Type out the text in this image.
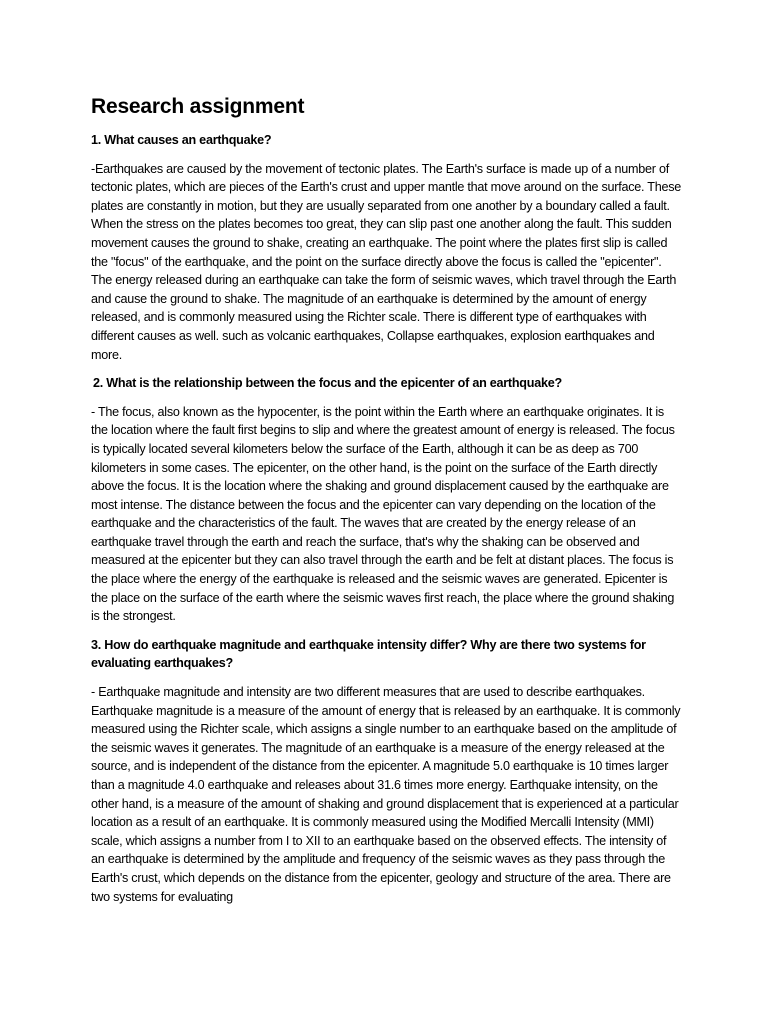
Research assignment

1. What causes an earthquake?

-Earthquakes are caused by the movement of tectonic plates. The Earth's surface is made up of a number of tectonic plates, which are pieces of the Earth's crust and upper mantle that move around on the surface. These plates are constantly in motion, but they are usually separated from one another by a boundary called a fault. When the stress on the plates becomes too great, they can slip past one another along the fault. This sudden movement causes the ground to shake, creating an earthquake. The point where the plates first slip is called the "focus" of the earthquake, and the point on the surface directly above the focus is called the "epicenter". The energy released during an earthquake can take the form of seismic waves, which travel through the Earth and cause the ground to shake. The magnitude of an earthquake is determined by the amount of energy released, and is commonly measured using the Richter scale. There is different type of earthquakes with different causes as well. such as volcanic earthquakes, Collapse earthquakes, explosion earthquakes and more.

2. What is the relationship between the focus and the epicenter of an earthquake?

- The focus, also known as the hypocenter, is the point within the Earth where an earthquake originates. It is the location where the fault first begins to slip and where the greatest amount of energy is released. The focus is typically located several kilometers below the surface of the Earth, although it can be as deep as 700 kilometers in some cases. The epicenter, on the other hand, is the point on the surface of the Earth directly above the focus. It is the location where the shaking and ground displacement caused by the earthquake are most intense. The distance between the focus and the epicenter can vary depending on the location of the earthquake and the characteristics of the fault. The waves that are created by the energy release of an earthquake travel through the earth and reach the surface, that's why the shaking can be observed and measured at the epicenter but they can also travel through the earth and be felt at distant places. The focus is the place where the energy of the earthquake is released and the seismic waves are generated. Epicenter is the place on the surface of the earth where the seismic waves first reach, the place where the ground shaking is the strongest.

3. How do earthquake magnitude and earthquake intensity differ? Why are there two systems for evaluating earthquakes?

- Earthquake magnitude and intensity are two different measures that are used to describe earthquakes. Earthquake magnitude is a measure of the amount of energy that is released by an earthquake. It is commonly measured using the Richter scale, which assigns a single number to an earthquake based on the amplitude of the seismic waves it generates. The magnitude of an earthquake is a measure of the energy released at the source, and is independent of the distance from the epicenter. A magnitude 5.0 earthquake is 10 times larger than a magnitude 4.0 earthquake and releases about 31.6 times more energy. Earthquake intensity, on the other hand, is a measure of the amount of shaking and ground displacement that is experienced at a particular location as a result of an earthquake. It is commonly measured using the Modified Mercalli Intensity (MMI) scale, which assigns a number from I to XII to an earthquake based on the observed effects. The intensity of an earthquake is determined by the amplitude and frequency of the seismic waves as they pass through the Earth's crust, which depends on the distance from the epicenter, geology and structure of the area. There are two systems for evaluating
